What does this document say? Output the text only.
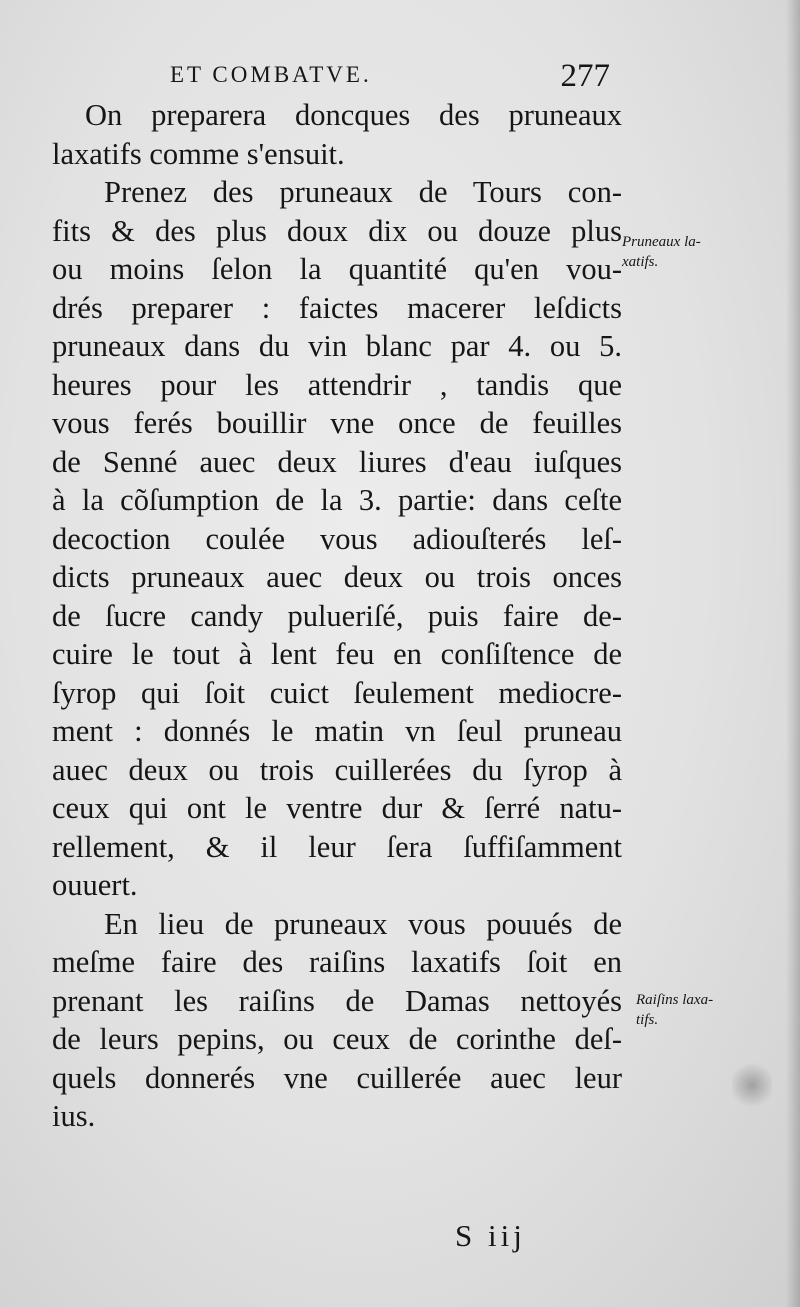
ET COMBATVE.	277
On preparera doncques des pruneaux
laxatifs comme s'ensuit.
Prenez des pruneaux de Tours con-
fits & des plus doux dix ou douze plus
ou moins ſelon la quantité qu'en vou-
drés preparer : faictes macerer leſdicts
pruneaux dans du vin blanc par 4. ou 5.
heures pour les attendrir , tandis que
vous ferés bouillir vne once de feuilles
de Senné auec deux liures d'eau iuſques
à la cõſumption de la 3. partie: dans ceſte
decoction coulée vous adiouſterés leſ-
dicts pruneaux auec deux ou trois onces
de ſucre candy pulueriſé, puis faire de-
cuire le tout à lent feu en conſiſtence de
ſyrop qui ſoit cuict ſeulement mediocre-
ment : donnés le matin vn ſeul pruneau
auec deux ou trois cuillerées du ſyrop à
ceux qui ont le ventre dur & ſerré natu-
rellement, & il leur ſera ſuffiſamment
ouuert.
En lieu de pruneaux vous pouués de
meſme faire des raiſins laxatifs ſoit en
prenant les raiſins de Damas nettoyés
de leurs pepins, ou ceux de corinthe deſ-
quels donnerés vne cuillerée auec leur
ius.
Pruneaux la-
xatifs.
Raiſins laxa-
tifs.
S iij
